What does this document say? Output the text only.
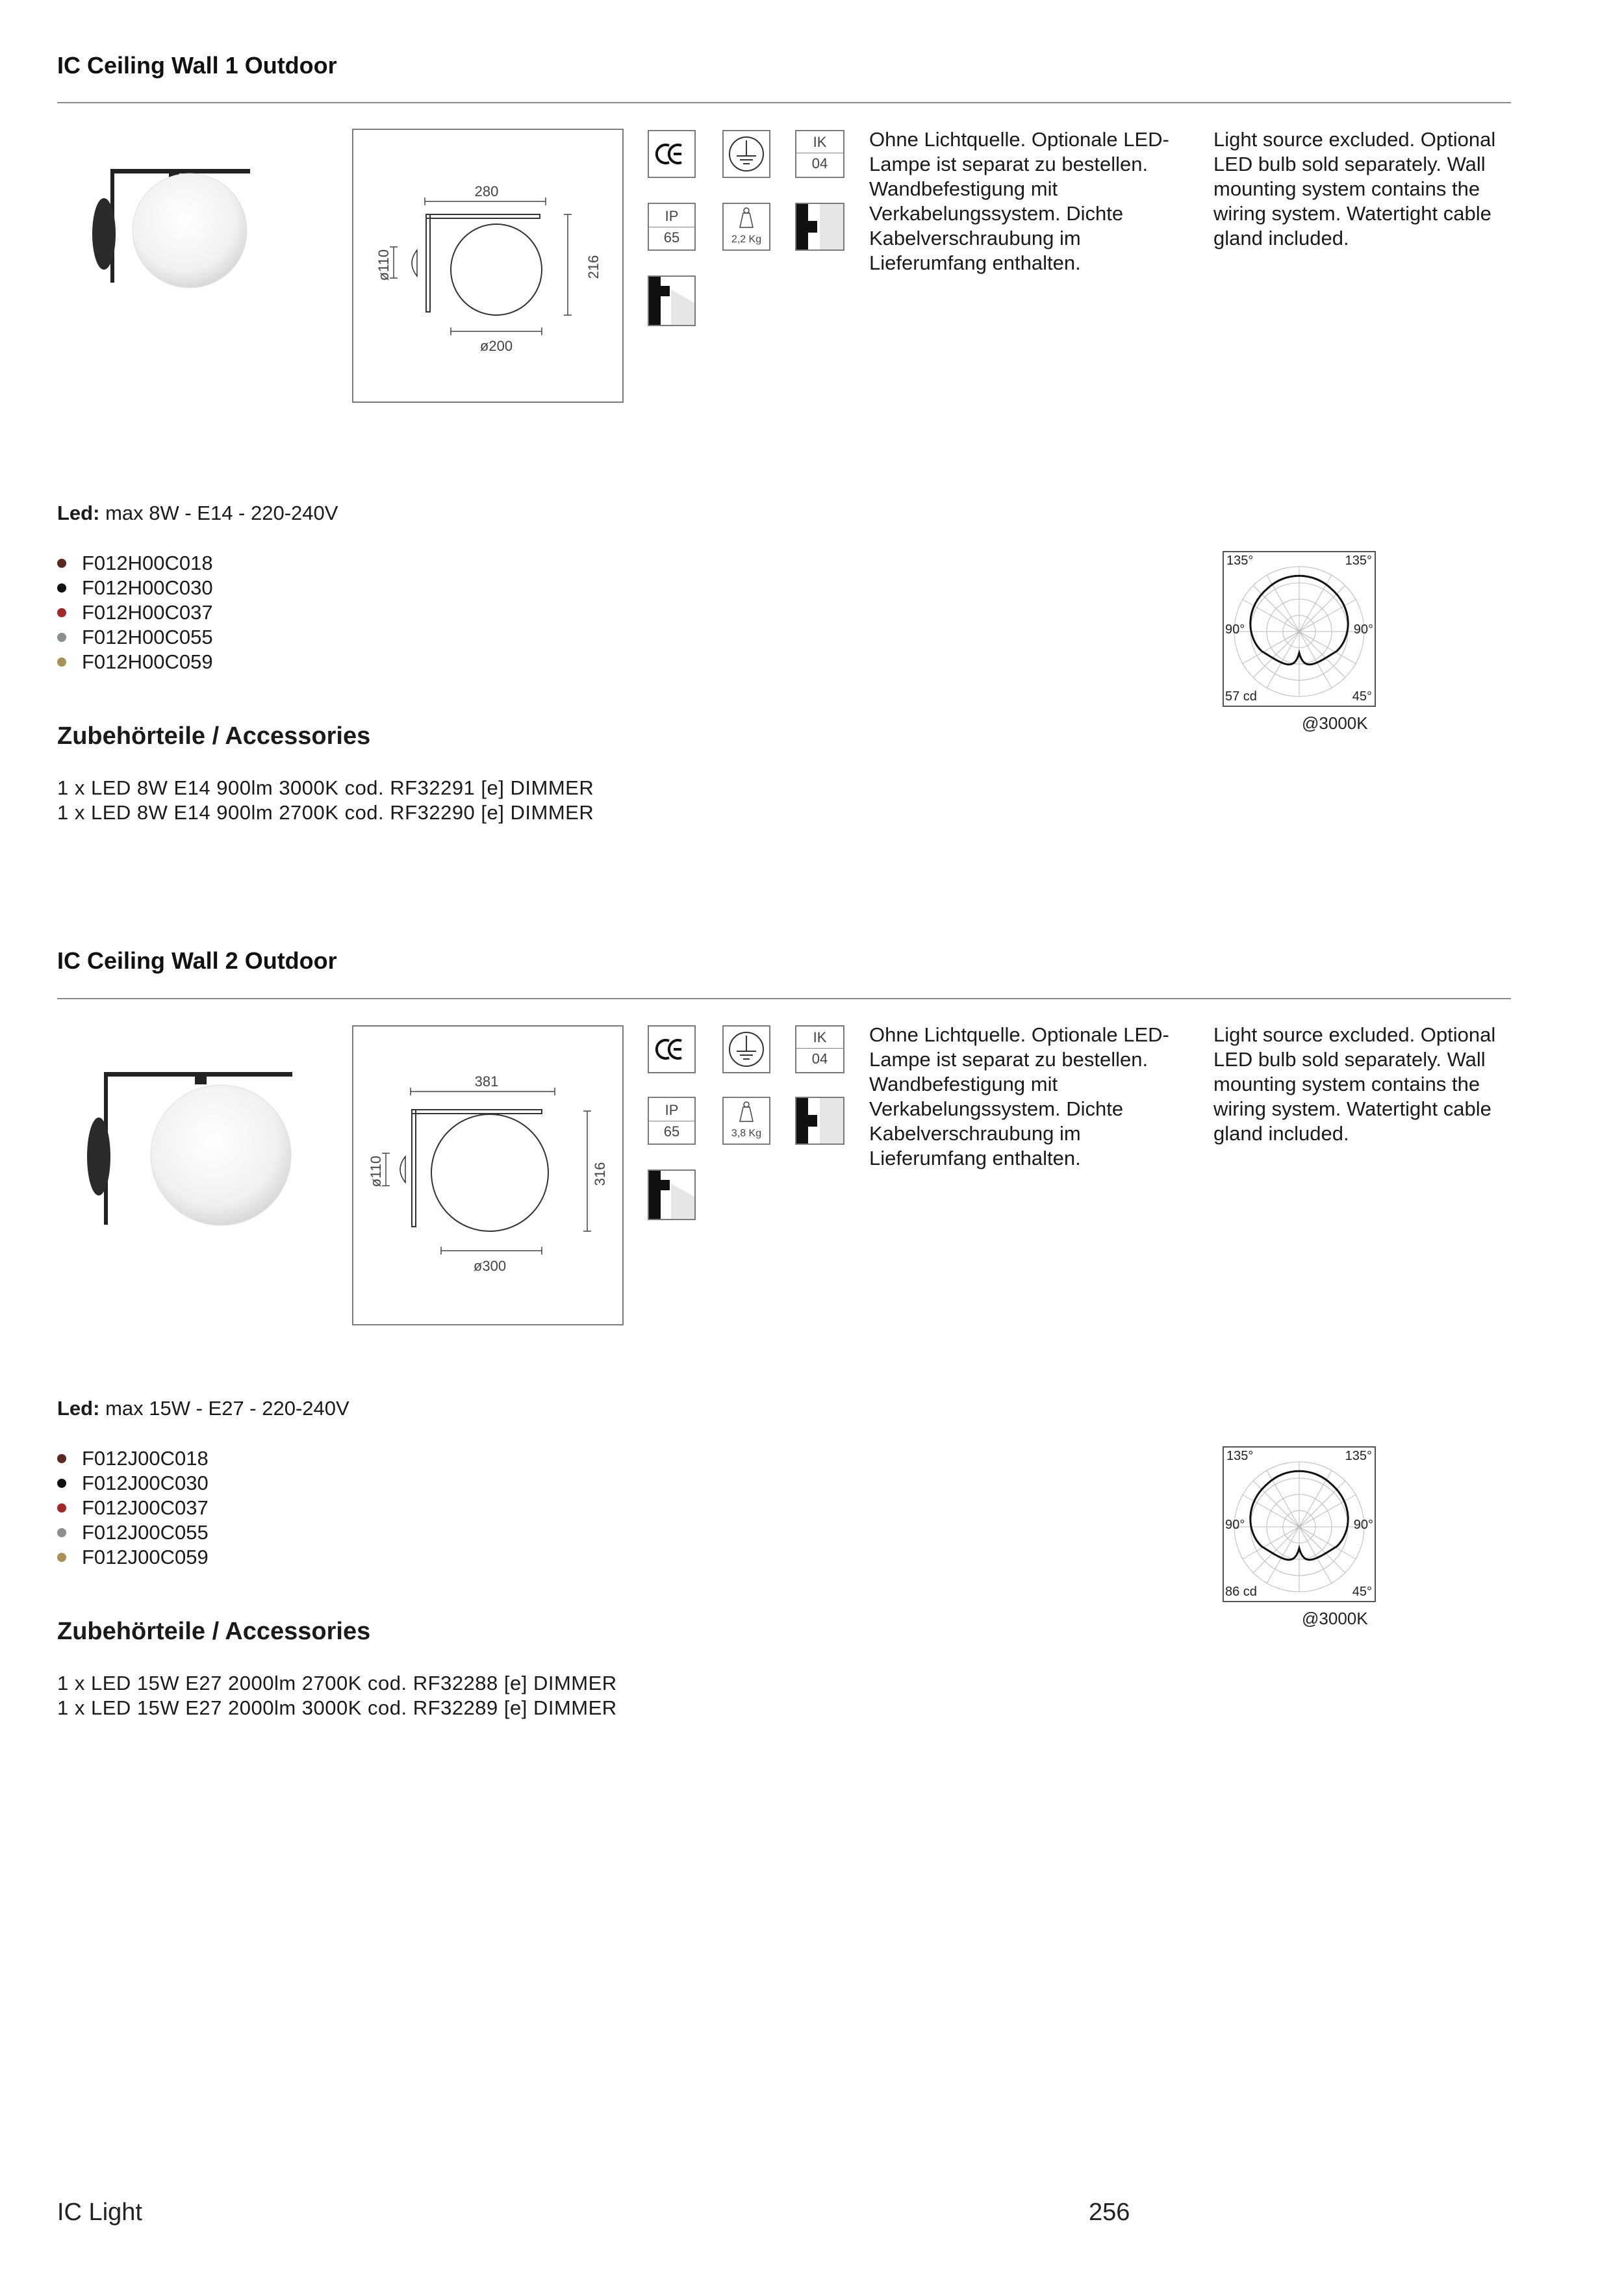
IC Ceiling Wall 1 Outdoor
280
216
ø200
ø110
IK
04
IP
65	2,2 Kg
Ohne Lichtquelle. Optionale LED-Lampe ist separat zu bestellen. Wandbefestigung mit Verkabelungssystem. Dichte Kabelverschraubung im Lieferumfang enthalten.
Light source excluded. Optional LED bulb sold separately. Wall mounting system contains the wiring system. Watertight cable gland included.
Led: max 8W - E14 - 220-240V
F012H00C018
F012H00C030
F012H00C037
F012H00C055
F012H00C059
135°	135°
90°	90°
57 cd	45°
@3000K
Zubehörteile / Accessories
1 x LED 8W E14 900lm 3000K cod. RF32291 [e] DIMMER
1 x LED 8W E14 900lm 2700K cod. RF32290 [e] DIMMER
IC Ceiling Wall 2 Outdoor
381
316
ø300
ø110
IK
04
IP
65	3,8 Kg
Ohne Lichtquelle. Optionale LED-Lampe ist separat zu bestellen. Wandbefestigung mit Verkabelungssystem. Dichte Kabelverschraubung im Lieferumfang enthalten.
Light source excluded. Optional LED bulb sold separately. Wall mounting system contains the wiring system. Watertight cable gland included.
Led: max 15W - E27 - 220-240V
F012J00C018
F012J00C030
F012J00C037
F012J00C055
F012J00C059
135°	135°
90°	90°
86 cd	45°
@3000K
Zubehörteile / Accessories
1 x LED 15W E27 2000lm 2700K cod. RF32288 [e] DIMMER
1 x LED 15W E27 2000lm 3000K cod. RF32289 [e] DIMMER
IC Light	256
